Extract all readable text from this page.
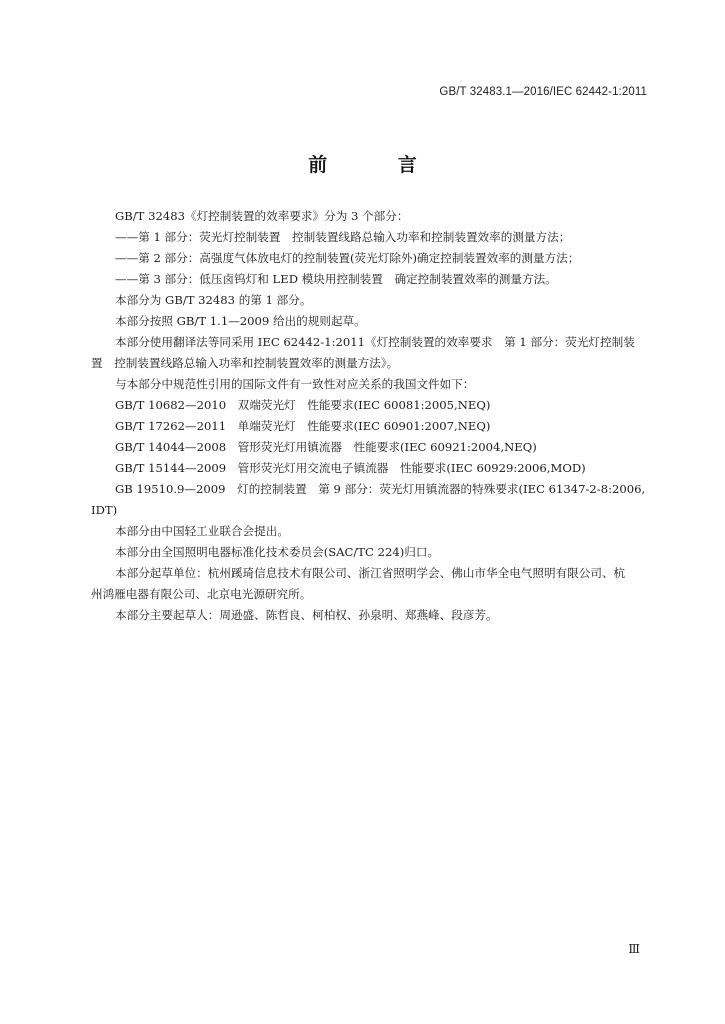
GB/T 32483.1—2016/IEC 62442-1:2011
前 言
GB/T 32483《灯控制装置的效率要求》分为 3 个部分：
——第 1 部分：荧光灯控制装置　控制装置线路总输入功率和控制装置效率的测量方法；
——第 2 部分：高强度气体放电灯的控制装置(荧光灯除外)确定控制装置效率的测量方法；
——第 3 部分：低压卤钨灯和 LED 模块用控制装置　确定控制装置效率的测量方法。
本部分为 GB/T 32483 的第 1 部分。
本部分按照 GB/T 1.1—2009 给出的规则起草。
本部分使用翻译法等同采用 IEC 62442-1:2011《灯控制装置的效率要求　第 1 部分：荧光灯控制装
置　控制装置线路总输入功率和控制装置效率的测量方法》。
与本部分中规范性引用的国际文件有一致性对应关系的我国文件如下：
GB/T 10682—2010　双端荧光灯　性能要求(IEC 60081:2005,NEQ)
GB/T 17262—2011　单端荧光灯　性能要求(IEC 60901:2007,NEQ)
GB/T 14044—2008　管形荧光灯用镇流器　性能要求(IEC 60921:2004,NEQ)
GB/T 15144—2009　管形荧光灯用交流电子镇流器　性能要求(IEC 60929:2006,MOD)
GB 19510.9—2009　灯的控制装置　第 9 部分：荧光灯用镇流器的特殊要求(IEC 61347-2-8:2006,
IDT)
本部分由中国轻工业联合会提出。
本部分由全国照明电器标准化技术委员会(SAC/TC 224)归口。
本部分起草单位：杭州蹊琦信息技术有限公司、浙江省照明学会、佛山市华全电气照明有限公司、杭
州鸿雁电器有限公司、北京电光源研究所。
本部分主要起草人：周逊盛、陈哲良、柯柏权、孙泉明、郑燕峰、段彦芳。
Ⅲ
